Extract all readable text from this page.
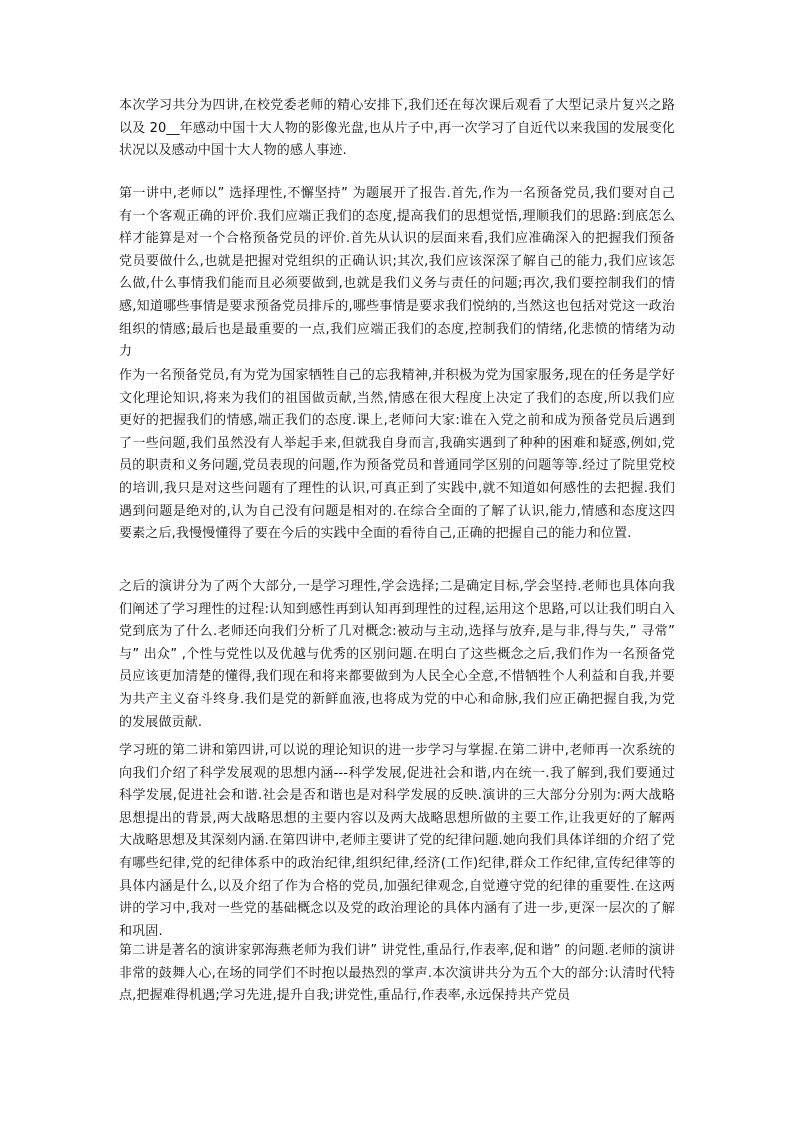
本次学习共分为四讲,在校党委老师的精心安排下,我们还在每次课后观看了大型记录片复兴之路以及 20__年感动中国十大人物的影像光盘,也从片子中,再一次学习了自近代以来我国的发展变化状况以及感动中国十大人物的感人事迹.

第一讲中,老师以” 选择理性,不懈坚持” 为题展开了报告.首先,作为一名预备党员,我们要对自己有一个客观正确的评价.我们应端正我们的态度,提高我们的思想觉悟,理顺我们的思路:到底怎么样才能算是对一个合格预备党员的评价.首先从认识的层面来看,我们应准确深入的把握我们预备党员要做什么,也就是把握对党组织的正确认识;其次,我们应该深深了解自己的能力,我们应该怎么做,什么事情我们能而且必须要做到,也就是我们义务与责任的问题;再次,我们要控制我们的情感,知道哪些事情是要求预备党员排斥的,哪些事情是要求我们悦纳的,当然这也包括对党这一政治组织的情感;最后也是最重要的一点,我们应端正我们的态度,控制我们的情绪,化悲愤的情绪为动力

作为一名预备党员,有为党为国家牺牲自己的忘我精神,并积极为党为国家服务,现在的任务是学好文化理论知识,将来为我们的祖国做贡献,当然,情感在很大程度上决定了我们的态度,所以我们应更好的把握我们的情感,端正我们的态度.课上,老师问大家:谁在入党之前和成为预备党员后遇到了一些问题,我们虽然没有人举起手来,但就我自身而言,我确实遇到了种种的困难和疑惑,例如,党员的职责和义务问题,党员表现的问题,作为预备党员和普通同学区别的问题等等.经过了院里党校的培训,我只是对这些问题有了理性的认识,可真正到了实践中,就不知道如何感性的去把握.我们遇到问题是绝对的,认为自己没有问题是相对的.在综合全面的了解了认识,能力,情感和态度这四要素之后,我慢慢懂得了要在今后的实践中全面的看待自己,正确的把握自己的能力和位置.

之后的演讲分为了两个大部分,一是学习理性,学会选择;二是确定目标,学会坚持.老师也具体向我们阐述了学习理性的过程:认知到感性再到认知再到理性的过程,运用这个思路,可以让我们明白入党到底为了什么.老师还向我们分析了几对概念:被动与主动,选择与放弃,是与非,得与失,” 寻常” 与” 出众” ,个性与党性以及优越与优秀的区别问题.在明白了这些概念之后,我们作为一名预备党员应该更加清楚的懂得,我们现在和将来都要做到为人民全心全意,不惜牺牲个人利益和自我,并要为共产主义奋斗终身.我们是党的新鲜血液,也将成为党的中心和命脉,我们应正确把握自我,为党的发展做贡献.

学习班的第二讲和第四讲,可以说的理论知识的进一步学习与掌握.在第二讲中,老师再一次系统的向我们介绍了科学发展观的思想内涵---科学发展,促进社会和谐,内在统一.我了解到,我们要通过科学发展,促进社会和谐.社会是否和谐也是对科学发展的反映.演讲的三大部分分别为:两大战略思想提出的背景,两大战略思想的主要内容以及两大战略思想所做的主要工作,让我更好的了解两大战略思想及其深刻内涵.在第四讲中,老师主要讲了党的纪律问题.她向我们具体详细的介绍了党有哪些纪律,党的纪律体系中的政治纪律,组织纪律,经济(工作)纪律,群众工作纪律,宣传纪律等的具体内涵是什么,以及介绍了作为合格的党员,加强纪律观念,自觉遵守党的纪律的重要性.在这两讲的学习中,我对一些党的基础概念以及党的政治理论的具体内涵有了进一步,更深一层次的了解和巩固.

第二讲是著名的演讲家郭海燕老师为我们讲” 讲党性,重品行,作表率,促和谐” 的问题.老师的演讲非常的鼓舞人心,在场的同学们不时抱以最热烈的掌声.本次演讲共分为五个大的部分:认清时代特点,把握难得机遇;学习先进,提升自我;讲党性,重品行,作表率,永远保持共产党员
